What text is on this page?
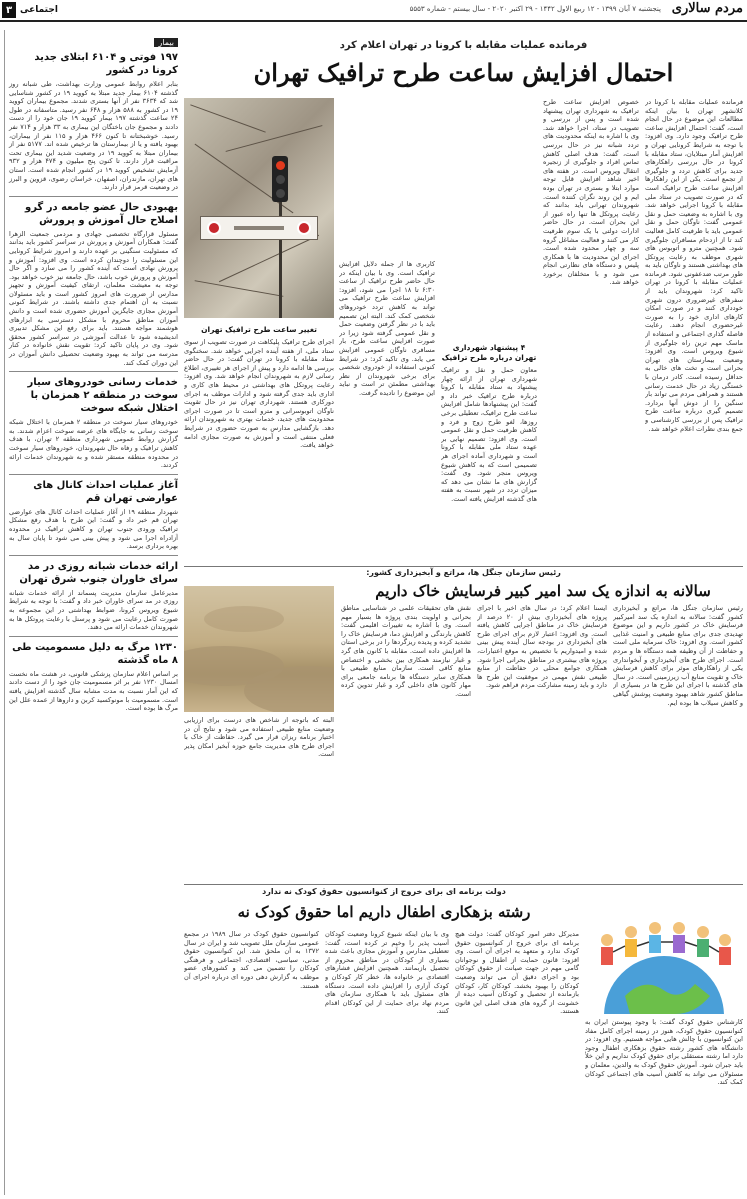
مردم سالاری
پنجشنبه ۷ آبان ۱۳۹۹ - ۱۲ ربیع الاول ۱۴۴۲ - ۲۹ اکتبر ۲۰۲۰ - سال بیستم - شماره ۵۵۵۳
۳ اجتماعی
بیمار
۱۹۷ فوتی و ۶۱۰۴ ابتلای جدید کرونا در کشور
بنابر اعلام روابط عمومی وزارت بهداشت، طی شبانه روز گذشته ۶۱۰۴ بیمار جدید مبتلا به کووید ۱۹ در کشور شناسایی شد که ۳۶۳۴ نفر از آنها بستری شدند. مجموع بیماران کووید ۱۹ در کشور به ۵۸۸ هزار و ۶۴۸ نفر رسید. متاسفانه در طول ۲۴ ساعت گذشته ۱۹۷ بیمار کووید ۱۹ جان خود را از دست دادند و مجموع جان باختگان این بیماری به ۳۳ هزار و ۷۱۴ نفر رسید. خوشبختانه تا کنون ۴۶۶ هزار و ۱۱۵ نفر از بیماران، بهبود یافته و یا از بیمارستان ها ترخیص شده اند. ۵۱۷۷ نفر از بیماران مبتلا به کووید ۱۹ در وضعیت شدید این بیماری تحت مراقبت قرار دارند. تا کنون پنج میلیون و ۴۷۴ هزار و ۹۳۲ آزمایش تشخیص کووید ۱۹ در کشور انجام شده است. استان های تهران، مازندران، اصفهان، خراسان رضوی، قزوین و البرز در وضعیت قرمز قرار دارند.
بهبودی حال عضو جامعه در گرو اصلاح حال آموزش و پرورش
مسئول قرارگاه تخصصی جهادی و مردمی جمعیت الزهرا گفت: همکاران آموزش و پرورش در سراسر کشور باید بدانند که مسئولیت سنگینی بر عهده دارند و امروز شرایط کرونایی این مسئولیت را دوچندان کرده است. وی افزود: آموزش و پرورش نهادی است که آینده کشور را می سازد و اگر حال آموزش و پرورش خوب باشد، حال جامعه نیز خوب خواهد بود. توجه به معیشت معلمان، ارتقای کیفیت آموزش و تجهیز مدارس از ضرورت های امروز کشور است و باید مسئولان نسبت به آن اهتمام جدی داشته باشند. در شرایط کنونی آموزش مجازی جایگزین آموزش حضوری شده است و دانش آموزان مناطق محروم با مشکل دسترسی به ابزارهای هوشمند مواجه هستند. باید برای رفع این مشکل تدبیری اندیشیده شود تا عدالت آموزشی در سراسر کشور محقق شود. وی در پایان تاکید کرد: تقویت نقش خانواده در کنار مدرسه می تواند به بهبود وضعیت تحصیلی دانش آموزان در این دوران کمک کند.
خدمات رسانی خودروهای سیار سوخت در منطقه ۲ همزمان با اختلال شبکه سوخت
خودروهای سیار سوخت در منطقه ۲ همزمان با اختلال شبکه سوخت رسانی به جایگاه های عرضه سوخت اعزام شدند. به گزارش روابط عمومی شهرداری منطقه ۲ تهران، با هدف کاهش ترافیک و رفاه حال شهروندان، خودروهای سیار سوخت در محدوده منطقه مستقر شده و به شهروندان خدمات ارائه کردند.
آغاز عملیات احداث کانال های عوارضی تهران قم
شهردار منطقه ۱۹ از آغاز عملیات احداث کانال های عوارضی تهران قم خبر داد و گفت: این طرح با هدف رفع مشکل ترافیک ورودی جنوب تهران و کاهش ترافیک در محدوده آزادراه اجرا می شود و پیش بینی می شود تا پایان سال به بهره برداری برسد.
ارائه خدمات شبانه روزی در مد سرای خاوران جنوب شرق تهران
مدیرعامل سازمان مدیریت پسماند از ارائه خدمات شبانه روزی در مد سرای خاوران خبر داد و گفت: با توجه به شرایط شیوع ویروس کرونا، ضوابط بهداشتی در این مجموعه به صورت کامل رعایت می شود و پرسنل با رعایت پروتکل ها به شهروندان خدمات ارائه می دهند.
۱۲۳۰ مرگ به دلیل مسمومیت طی ۸ ماه گذشته
بر اساس اعلام سازمان پزشکی قانونی، در هشت ماه نخست امسال ۱۲۳۰ نفر بر اثر مسمومیت جان خود را از دست دادند که این آمار نسبت به مدت مشابه سال گذشته افزایش یافته است. مسمومیت با مونوکسید کربن و داروها از عمده علل این مرگ ها بوده است.
فرمانده عملیات مقابله با کرونا در تهران اعلام کرد
احتمال افزایش ساعت طرح ترافیک تهران
فرمانده عملیات مقابله با کرونا در کلانشهر تهران با بیان اینکه مطالعات این موضوع در حال انجام است، گفت: احتمال افزایش ساعت طرح ترافیک وجود دارد. وی افزود: با توجه به شرایط کرونایی تهران و افزایش آمار مبتلایان، ستاد مقابله با کرونا در حال بررسی راهکارهای جدید برای کاهش تردد و جلوگیری از تجمع است. یکی از این راهکارها افزایش ساعت طرح ترافیک است که در صورت تصویب در ستاد ملی مقابله با کرونا اجرایی خواهد شد. وی با اشاره به وضعیت حمل و نقل عمومی گفت: ناوگان حمل و نقل عمومی باید با ظرفیت کامل فعالیت کند تا از ازدحام مسافران جلوگیری شود. همچنین مترو و اتوبوس های شهری موظف به رعایت پروتکل های بهداشتی هستند و ناوگان باید به طور مرتب ضدعفونی شود. فرمانده عملیات مقابله با کرونا در تهران تاکید کرد: شهروندان باید از سفرهای غیرضروری درون شهری خودداری کنند و در صورت امکان کارهای اداری خود را به صورت غیرحضوری انجام دهند. رعایت فاصله گذاری اجتماعی و استفاده از ماسک مهم ترین راه جلوگیری از شیوع ویروس است. وی افزود: وضعیت بیمارستان های تهران بحرانی است و تخت های خالی به حداقل رسیده است. کادر درمان با خستگی زیاد در حال خدمت رسانی هستند و همراهی مردم می تواند بار سنگین را از دوش آنها بردارد. تصمیم گیری درباره ساعت طرح ترافیک پس از بررسی کارشناسی و جمع بندی نظرات اعلام خواهد شد.
خصوص افزایش ساعت طرح ترافیک به شهرداری تهران پیشنهاد شده است و پس از بررسی و تصویب در ستاد، اجرا خواهد شد. وی با اشاره به اینکه محدودیت های تردد شبانه نیز در حال بررسی است، گفت: هدف اصلی کاهش تماس افراد و جلوگیری از زنجیره انتقال ویروس است. در هفته های اخیر شاهد افزایش قابل توجه موارد ابتلا و بستری در تهران بوده ایم و این روند نگران کننده است. شهروندان تهرانی باید بدانند که رعایت پروتکل ها تنها راه عبور از این بحران است. در حال حاضر ادارات دولتی با یک سوم ظرفیت کار می کنند و فعالیت مشاغل گروه سه و چهار محدود شده است. اجرای این محدودیت ها با همکاری پلیس و دستگاه های نظارتی انجام می شود و با متخلفان برخورد خواهد شد.
۴ پیشنهاد شهرداری تهران درباره طرح ترافیک
معاون حمل و نقل و ترافیک شهرداری تهران از ارائه چهار پیشنهاد به ستاد مقابله با کرونا درباره طرح ترافیک خبر داد و گفت: این پیشنهادها شامل افزایش ساعت طرح ترافیک، تعطیلی برخی روزها، لغو طرح زوج و فرد و کاهش ظرفیت حمل و نقل عمومی است. وی افزود: تصمیم نهایی بر عهده ستاد ملی مقابله با کرونا است و شهرداری آماده اجرای هر تصمیمی است که به کاهش شیوع ویروس منجر شود. وی گفت: گزارش های ما نشان می دهد که میزان تردد در شهر نسبت به هفته های گذشته افزایش یافته است.
کاربری ها از جمله دلایل افزایش ترافیک است. وی با بیان اینکه در حال حاضر طرح ترافیک از ساعت ۶:۳۰ تا ۱۸ اجرا می شود، افزود: افزایش ساعت طرح ترافیک می تواند به کاهش تردد خودروهای شخصی کمک کند. البته این تصمیم باید با در نظر گرفتن وضعیت حمل و نقل عمومی گرفته شود زیرا در صورت افزایش ساعت طرح، بار مسافری ناوگان عمومی افزایش می یابد. وی تاکید کرد: در شرایط کنونی استفاده از خودروی شخصی برای برخی شهروندان از نظر بهداشتی مطمئن تر است و نباید این موضوع را نادیده گرفت.
تغییر ساعت طرح ترافیک تهران
اجرای طرح ترافیک پلیکاهت در صورت تصویب از سوی ستاد ملی، از هفته آینده اجرایی خواهد شد. سخنگوی ستاد مقابله با کرونا در تهران گفت: در حال حاضر بررسی ها ادامه دارد و پیش از اجرای هر تغییری، اطلاع رسانی لازم به شهروندان انجام خواهد شد. وی افزود: رعایت پروتکل های بهداشتی در محیط های کاری و اداری باید جدی گرفته شود و ادارات موظف به اجرای دورکاری هستند. شهرداری تهران نیز در حال تقویت ناوگان اتوبوسرانی و مترو است تا در صورت اجرای محدودیت های جدید، خدمات بهتری به شهروندان ارائه دهد. بازگشایی مدارس به صورت حضوری در شرایط فعلی منتفی است و آموزش به صورت مجازی ادامه خواهد یافت.
رئیس سازمان جنگل ها، مراتع و آبخیزداری کشور:
سالانه به اندازه یک سد امیر کبیر فرسایش خاک داریم
البته که باتوجه از شاخص های درست برای ارزیابی وضعیت منابع طبیعی استفاده می شود و نتایج آن در اختیار برنامه ریزان قرار می گیرد. حفاظت از خاک با اجرای طرح های مدیریت جامع حوزه آبخیز امکان پذیر است.
رئیس سازمان جنگل ها، مراتع و آبخیزداری کشور گفت: سالانه به اندازه یک سد امیرکبیر فرسایش خاک در کشور داریم و این موضوع تهدیدی جدی برای منابع طبیعی و امنیت غذایی کشور است. وی افزود: خاک سرمایه ملی است و حفاظت از آن وظیفه همه دستگاه ها و مردم است. اجرای طرح های آبخیزداری و آبخوانداری یکی از راهکارهای موثر برای کاهش فرسایش خاک و تقویت منابع آب زیرزمینی است. در سال های گذشته با اجرای این طرح ها در بسیاری از مناطق کشور شاهد بهبود وضعیت پوشش گیاهی و کاهش سیلاب ها بوده ایم.
ایسنا اعلام کرد: در سال های اخیر با اجرای پروژه های آبخیزداری بیش از ۲۰ درصد از فرسایش خاک در مناطق اجرایی کاهش یافته است. وی افزود: اعتبار لازم برای اجرای طرح های آبخیزداری در بودجه سال آینده پیش بینی شده و امیدواریم با تخصیص به موقع اعتبارات، پروژه های بیشتری در مناطق بحرانی اجرا شود. همکاری جوامع محلی در حفاظت از منابع طبیعی نقش مهمی در موفقیت این طرح ها دارد و باید زمینه مشارکت مردم فراهم شود.
نقش های تحقیقات علمی در شناسایی مناطق بحرانی و اولویت بندی پروژه ها بسیار مهم است. وی با اشاره به تغییرات اقلیمی گفت: کاهش بارندگی و افزایش دما، فرسایش خاک را تشدید کرده و پدیده ریزگردها را در برخی استان ها افزایش داده است. مقابله با کانون های گرد و غبار نیازمند همکاری بین بخشی و اختصاص منابع کافی است. سازمان منابع طبیعی با همکاری سایر دستگاه ها برنامه جامعی برای مهار کانون های داخلی گرد و غبار تدوین کرده است.
دولت برنامه ای برای خروج از کنوانسیون حقوق کودک نه ندارد
رشته بزهکاری اطفال داریم اما حقوق کودک نه
کارشناس حقوق کودک گفت: با وجود پیوستن ایران به کنوانسیون حقوق کودک، هنوز در زمینه اجرای کامل مفاد این کنوانسیون با چالش هایی مواجه هستیم. وی افزود: در دانشگاه های کشور رشته حقوق بزهکاری اطفال وجود دارد اما رشته مستقلی برای حقوق کودک نداریم و این خلأ باید جبران شود. آموزش حقوق کودک به والدین، معلمان و مسئولان می تواند به کاهش آسیب های اجتماعی کودکان کمک کند.
مدیرکل دفتر امور کودکان گفت: دولت هیچ برنامه ای برای خروج از کنوانسیون حقوق کودک ندارد و متعهد به اجرای آن است. وی افزود: قانون حمایت از اطفال و نوجوانان گامی مهم در جهت صیانت از حقوق کودکان بود و اجرای دقیق آن می تواند وضعیت کودکان را بهبود بخشد. کودکان کار، کودکان بازمانده از تحصیل و کودکان آسیب دیده از خشونت از گروه های هدف اصلی این قانون هستند.
وی با بیان اینکه شیوع کرونا وضعیت کودکان آسیب پذیر را وخیم تر کرده است، گفت: تعطیلی مدارس و آموزش مجازی باعث شده بسیاری از کودکان در مناطق محروم از تحصیل بازبمانند. همچنین افزایش فشارهای اقتصادی بر خانواده ها، خطر کار کودکان و کودک آزاری را افزایش داده است. دستگاه های مسئول باید با همکاری سازمان های مردم نهاد برای حمایت از این کودکان اقدام کنند.
کنوانسیون حقوق کودک در سال ۱۹۸۹ در مجمع عمومی سازمان ملل تصویب شد و ایران در سال ۱۳۷۲ به آن ملحق شد. این کنوانسیون حقوق مدنی، سیاسی، اقتصادی، اجتماعی و فرهنگی کودکان را تضمین می کند و کشورهای عضو موظف به گزارش دهی دوره ای درباره اجرای آن هستند.
